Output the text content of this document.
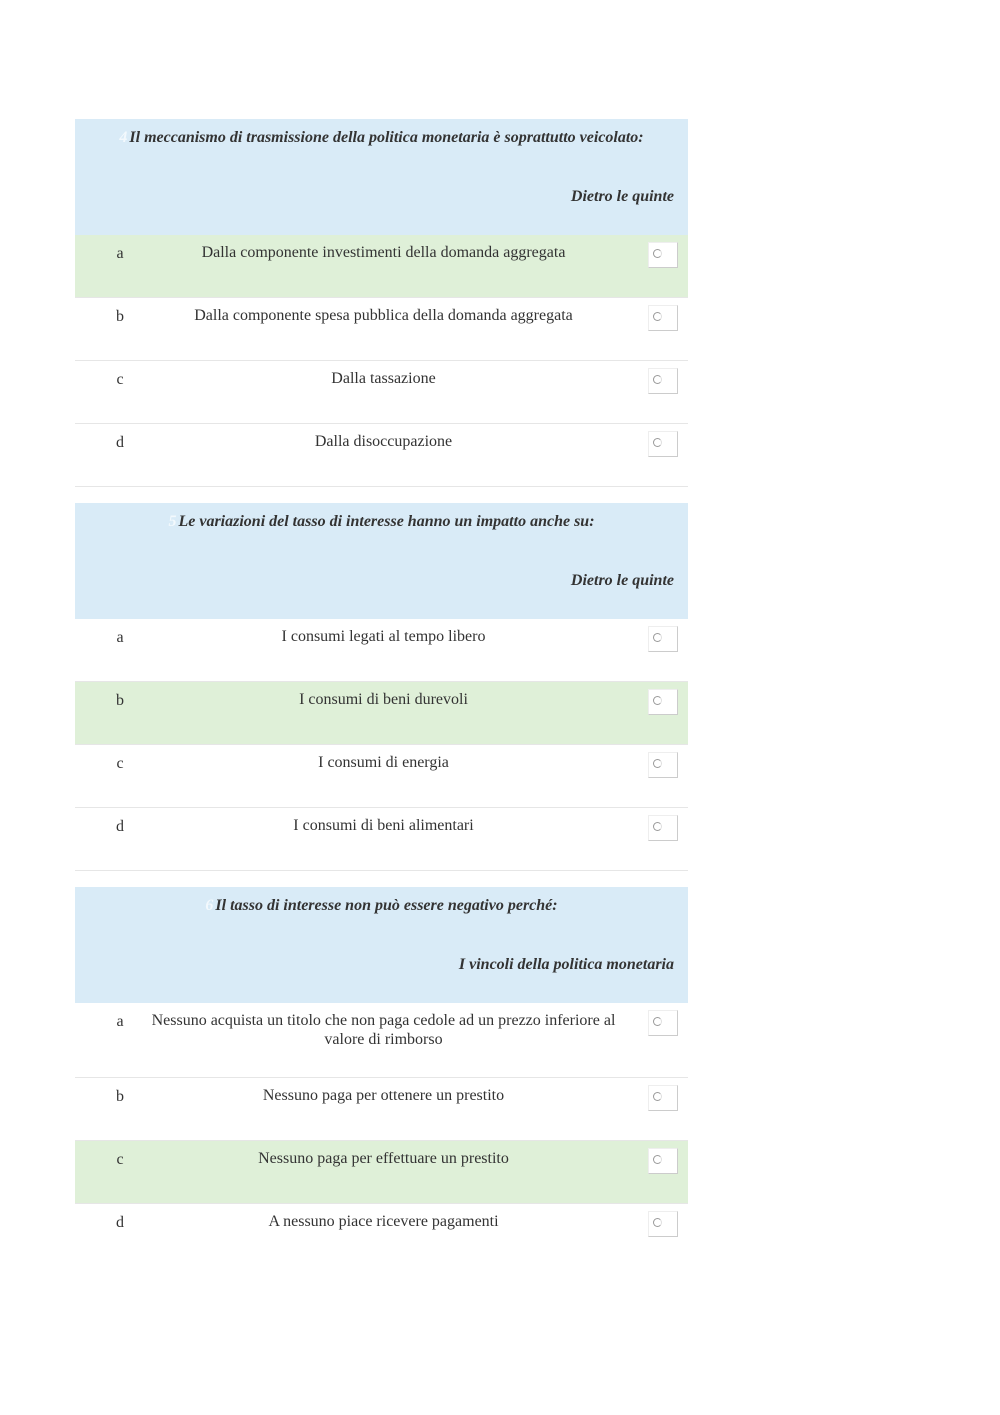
4 Il meccanismo di trasmissione della politica monetaria è soprattutto veicolato:
Dietro le quinte
a	Dalla componente investimenti della domanda aggregata
b	Dalla componente spesa pubblica della domanda aggregata
c	Dalla tassazione
d	Dalla disoccupazione
5 Le variazioni del tasso di interesse hanno un impatto anche su:
Dietro le quinte
a	I consumi legati al tempo libero
b	I consumi di beni durevoli
c	I consumi di energia
d	I consumi di beni alimentari
6 Il tasso di interesse non può essere negativo perché:
I vincoli della politica monetaria
a	Nessuno acquista un titolo che non paga cedole ad un prezzo inferiore al valore di rimborso
b	Nessuno paga per ottenere un prestito
c	Nessuno paga per effettuare un prestito
d	A nessuno piace ricevere pagamenti
